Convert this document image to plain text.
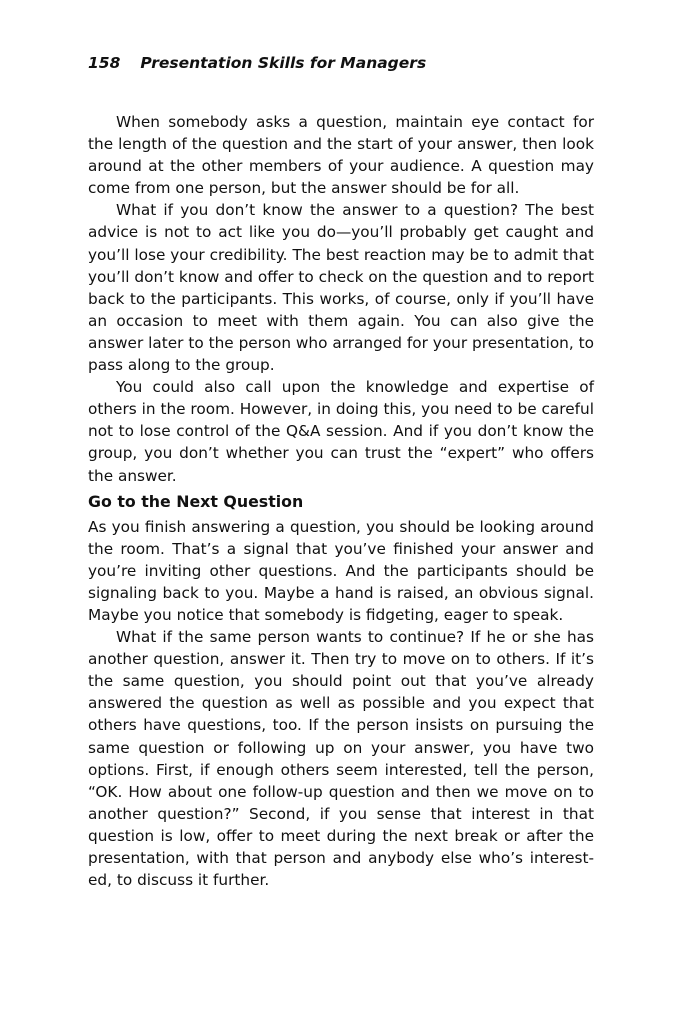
158 Presentation Skills for Managers

When somebody asks a question, maintain eye contact for the length of the question and the start of your answer, then look around at the other members of your audience. A question may come from one person, but the answer should be for all.

What if you don’t know the answer to a question? The best advice is not to act like you do—you’ll probably get caught and you’ll lose your credibility. The best reaction may be to admit that you’ll don’t know and offer to check on the question and to report back to the participants. This works, of course, only if you’ll have an occasion to meet with them again. You can also give the answer later to the person who arranged for your presentation, to pass along to the group.

You could also call upon the knowledge and expertise of others in the room. However, in doing this, you need to be careful not to lose control of the Q&A session. And if you don’t know the group, you don’t whether you can trust the “expert” who offers the answer.

Go to the Next Question

As you finish answering a question, you should be looking around the room. That’s a signal that you’ve finished your answer and you’re inviting other questions. And the participants should be signaling back to you. Maybe a hand is raised, an obvious signal. Maybe you notice that somebody is fidgeting, eager to speak.

What if the same person wants to continue? If he or she has another question, answer it. Then try to move on to others. If it’s the same question, you should point out that you’ve already answered the question as well as possible and you expect that others have questions, too. If the person insists on pursuing the same question or following up on your answer, you have two options. First, if enough others seem interested, tell the person, “OK. How about one follow-up question and then we move on to another question?” Second, if you sense that interest in that question is low, offer to meet during the next break or after the presentation, with that person and anybody else who’s interested, to discuss it further.
